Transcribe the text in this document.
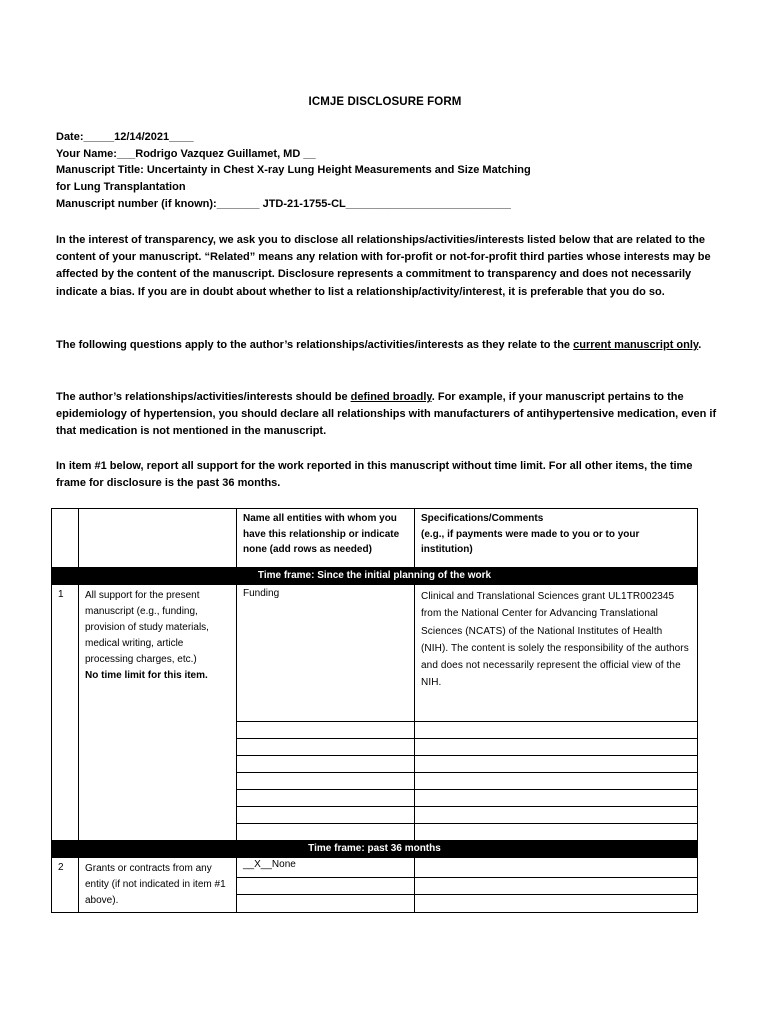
ICMJE DISCLOSURE FORM
Date:_____12/14/2021____
Your Name:___Rodrigo Vazquez Guillamet, MD __
Manuscript Title: Uncertainty in Chest X-ray Lung Height Measurements and Size Matching
for Lung Transplantation
Manuscript number (if known):_______ JTD-21-1755-CL___________________________
In the interest of transparency, we ask you to disclose all relationships/activities/interests listed below that are related to the content of your manuscript. “Related” means any relation with for-profit or not-for-profit third parties whose interests may be affected by the content of the manuscript. Disclosure represents a commitment to transparency and does not necessarily indicate a bias. If you are in doubt about whether to list a relationship/activity/interest, it is preferable that you do so.
The following questions apply to the author’s relationships/activities/interests as they relate to the current manuscript only.
The author’s relationships/activities/interests should be defined broadly. For example, if your manuscript pertains to the epidemiology of hypertension, you should declare all relationships with manufacturers of antihypertensive medication, even if that medication is not mentioned in the manuscript.
In item #1 below, report all support for the work reported in this manuscript without time limit. For all other items, the time frame for disclosure is the past 36 months.
		Name all entities with whom you have this relationship or indicate none (add rows as needed)	Specifications/Comments
(e.g., if payments were made to you or to your institution)

Time frame: Since the initial planning of the work			
1	All support for the present manuscript (e.g., funding, provision of study materials, medical writing, article processing charges, etc.)
No time limit for this item.	Funding	Clinical and Translational Sciences grant UL1TR002345 from the National Center for Advancing Translational Sciences (NCATS) of the National Institutes of Health (NIH). The content is solely the responsibility of the authors and does not necessarily represent the official view of the NIH.

Time frame: past 36 months			
2	Grants or contracts from any entity (if not indicated in item #1 above).	__X__None	
